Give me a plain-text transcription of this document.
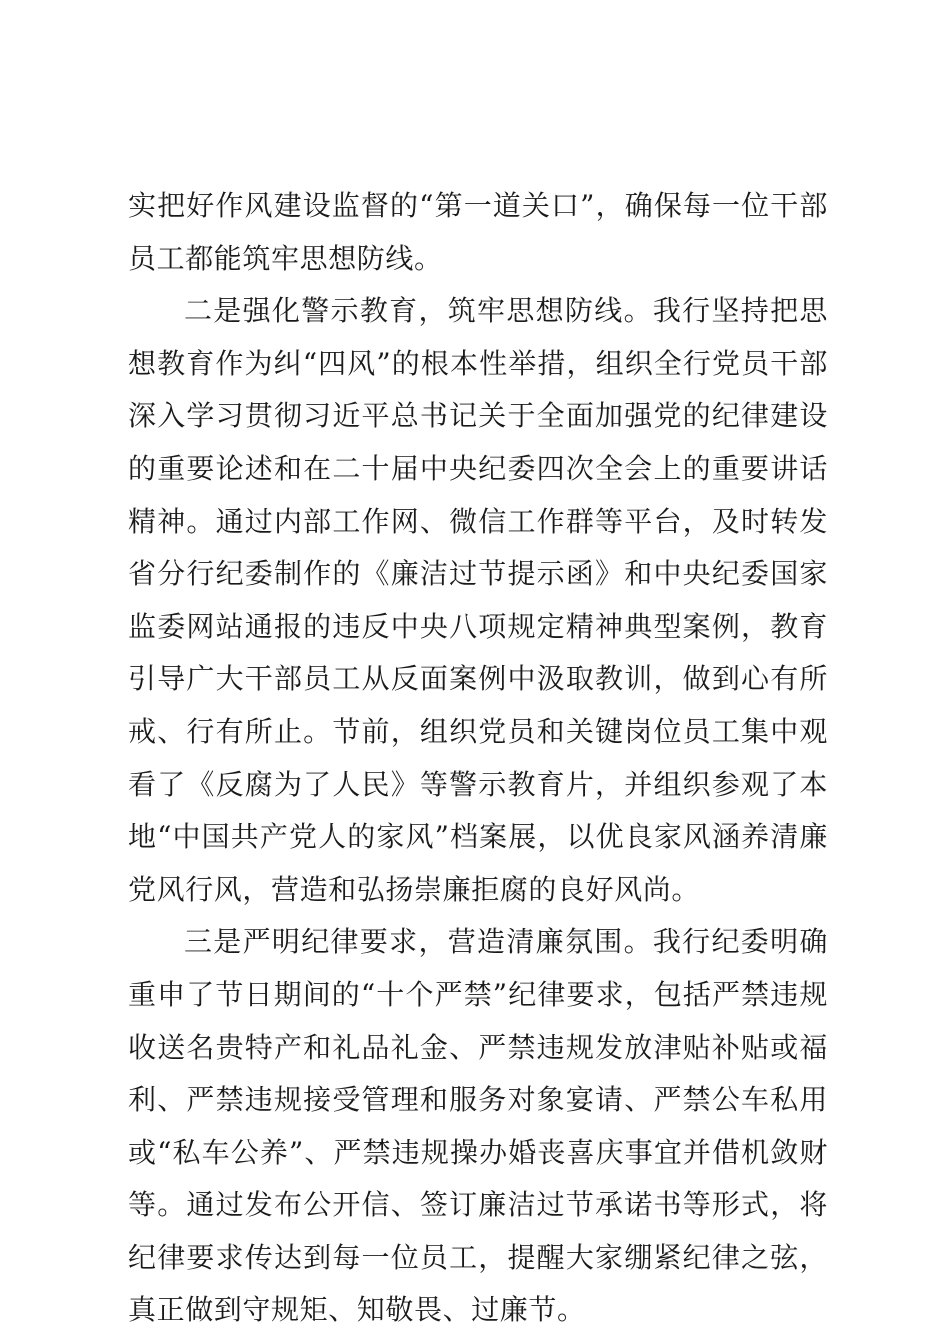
实把好作风建设监督的“第一道关口”，确保每一位干部员工都能筑牢思想防线。

二是强化警示教育，筑牢思想防线。我行坚持把思想教育作为纠“四风”的根本性举措，组织全行党员干部深入学习贯彻习近平总书记关于全面加强党的纪律建设的重要论述和在二十届中央纪委四次全会上的重要讲话精神。通过内部工作网、微信工作群等平台，及时转发省分行纪委制作的《廉洁过节提示函》和中央纪委国家监委网站通报的违反中央八项规定精神典型案例，教育引导广大干部员工从反面案例中汲取教训，做到心有所戒、行有所止。节前，组织党员和关键岗位员工集中观看了《反腐为了人民》等警示教育片，并组织参观了本地“中国共产党人的家风”档案展，以优良家风涵养清廉党风行风，营造和弘扬崇廉拒腐的良好风尚。

三是严明纪律要求，营造清廉氛围。我行纪委明确重申了节日期间的“十个严禁”纪律要求，包括严禁违规收送名贵特产和礼品礼金、严禁违规发放津贴补贴或福利、严禁违规接受管理和服务对象宴请、严禁公车私用或“私车公养”、严禁违规操办婚丧喜庆事宜并借机敛财等。通过发布公开信、签订廉洁过节承诺书等形式，将纪律要求传达到每一位员工，提醒大家绷紧纪律之弦，真正做到守规矩、知敬畏、过廉节。
